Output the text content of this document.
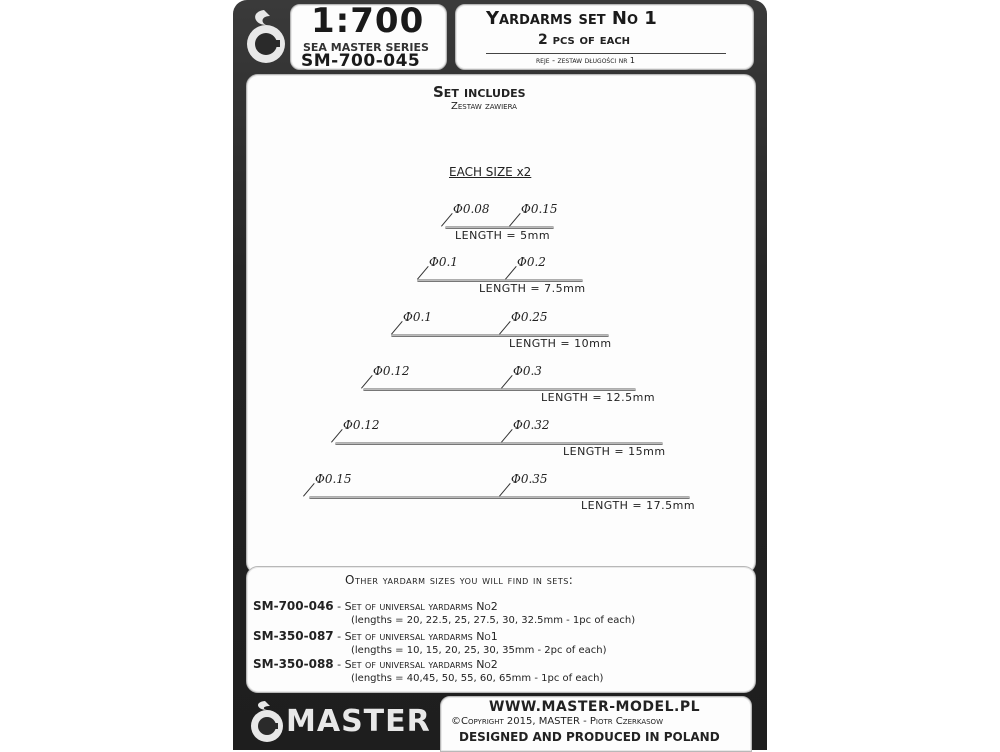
1:700
SEA MASTER SERIES
SM-700-045
Yardarms set No 1
2 pcs of each
reje - zestaw długości nr 1
Set includes
Zestaw zawiera
EACH SIZE x2
Φ0.08	Φ0.15
LENGTH = 5mm
Φ0.1	Φ0.2
LENGTH = 7.5mm
Φ0.1	Φ0.25
LENGTH = 10mm
Φ0.12	Φ0.3
LENGTH = 12.5mm
Φ0.12	Φ0.32
LENGTH = 15mm
Φ0.15	Φ0.35
LENGTH = 17.5mm
Other yardarm sizes you will find in sets:
SM-700-046 - Set of universal yardarms No2
(lengths = 20, 22.5, 25, 27.5, 30, 32.5mm - 1pc of each)
SM-350-087 - Set of universal yardarms No1
(lengths = 10, 15, 20, 25, 30, 35mm - 2pc of each)
SM-350-088 - Set of universal yardarms No2
(lengths = 40,45, 50, 55, 60, 65mm - 1pc of each)
MASTER	WWW.MASTER-MODEL.PL
©Copyright 2015, MASTER - Piotr Czerkasow
DESIGNED AND PRODUCED IN POLAND
